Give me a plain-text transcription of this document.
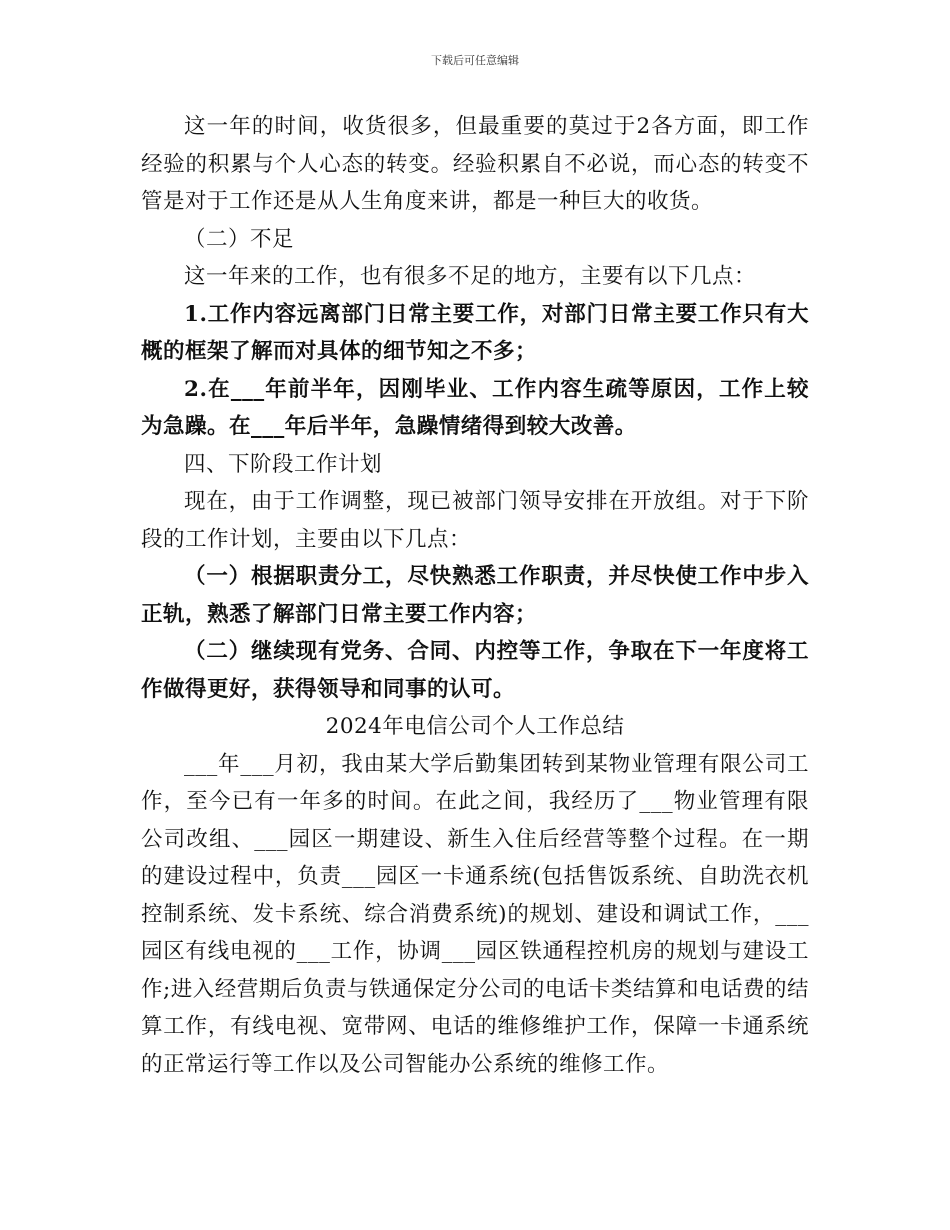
下载后可任意编辑

这一年的时间，收货很多，但最重要的莫过于2各方面，即工作经验的积累与个人心态的转变。经验积累自不必说，而心态的转变不管是对于工作还是从人生角度来讲，都是一种巨大的收货。

（二）不足

这一年来的工作，也有很多不足的地方，主要有以下几点：

1.工作内容远离部门日常主要工作，对部门日常主要工作只有大概的框架了解而对具体的细节知之不多；

2.在___年前半年，因刚毕业、工作内容生疏等原因，工作上较为急躁。在___年后半年，急躁情绪得到较大改善。

四、下阶段工作计划

现在，由于工作调整，现已被部门领导安排在开放组。对于下阶段的工作计划，主要由以下几点：

（一）根据职责分工，尽快熟悉工作职责，并尽快使工作中步入正轨，熟悉了解部门日常主要工作内容；

（二）继续现有党务、合同、内控等工作，争取在下一年度将工作做得更好，获得领导和同事的认可。

2024年电信公司个人工作总结

___年___月初，我由某大学后勤集团转到某物业管理有限公司工作，至今已有一年多的时间。在此之间，我经历了___物业管理有限公司改组、___园区一期建设、新生入住后经营等整个过程。在一期的建设过程中，负责___园区一卡通系统(包括售饭系统、自助洗衣机控制系统、发卡系统、综合消费系统)的规划、建设和调试工作，___园区有线电视的___工作，协调___园区铁通程控机房的规划与建设工作;进入经营期后负责与铁通保定分公司的电话卡类结算和电话费的结算工作，有线电视、宽带网、电话的维修维护工作，保障一卡通系统的正常运行等工作以及公司智能办公系统的维修工作。
